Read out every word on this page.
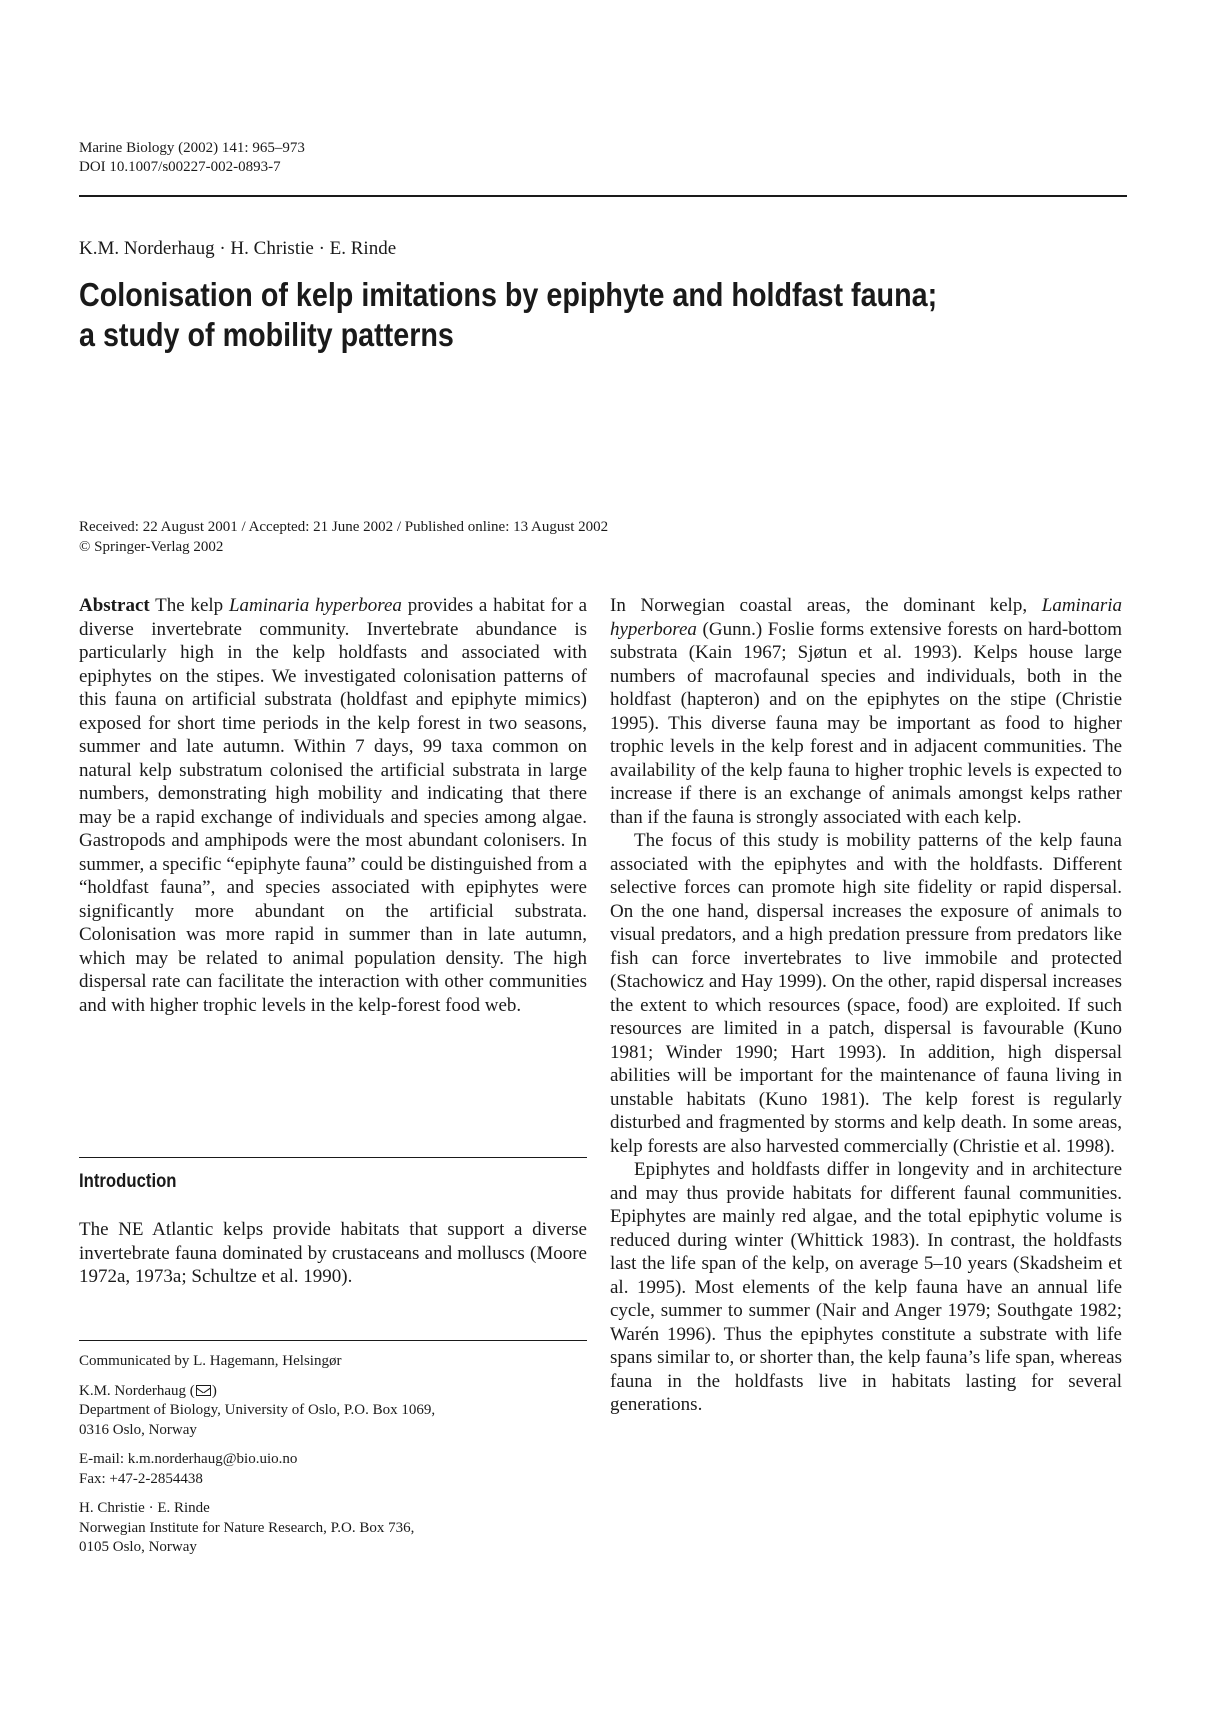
Marine Biology (2002) 141: 965–973
DOI 10.1007/s00227-002-0893-7
K.M. Norderhaug · H. Christie · E. Rinde
Colonisation of kelp imitations by epiphyte and holdfast fauna;
a study of mobility patterns
Received: 22 August 2001 / Accepted: 21 June 2002 / Published online: 13 August 2002
© Springer-Verlag 2002

Abstract The kelp Laminaria hyperborea provides a habitat for a diverse invertebrate community. Invertebrate abundance is particularly high in the kelp holdfasts and associated with epiphytes on the stipes. We investigated colonisation patterns of this fauna on artificial substrata (holdfast and epiphyte mimics) exposed for short time periods in the kelp forest in two seasons, summer and late autumn. Within 7 days, 99 taxa common on natural kelp substratum colonised the artificial substrata in large numbers, demonstrating high mobility and indicating that there may be a rapid exchange of individuals and species among algae. Gastropods and amphipods were the most abundant colonisers. In summer, a specific “epiphyte fauna” could be distinguished from a “holdfast fauna”, and species associated with epiphytes were significantly more abundant on the artificial substrata. Colonisation was more rapid in summer than in late autumn, which may be related to animal population density. The high dispersal rate can facilitate the interaction with other communities and with higher trophic levels in the kelp-forest food web.

Introduction
The NE Atlantic kelps provide habitats that support a diverse invertebrate fauna dominated by crustaceans and molluscs (Moore 1972a, 1973a; Schultze et al. 1990).
Communicated by L. Hagemann, Helsingør
K.M. Norderhaug ( )
Department of Biology, University of Oslo, P.O. Box 1069,
0316 Oslo, Norway
E-mail: k.m.norderhaug@bio.uio.no
Fax: +47-2-2854438
H. Christie · E. Rinde
Norwegian Institute for Nature Research, P.O. Box 736,
0105 Oslo, Norway

In Norwegian coastal areas, the dominant kelp, Laminaria hyperborea (Gunn.) Foslie forms extensive forests on hard-bottom substrata (Kain 1967; Sjøtun et al. 1993). Kelps house large numbers of macrofaunal species and individuals, both in the holdfast (hapteron) and on the epiphytes on the stipe (Christie 1995). This diverse fauna may be important as food to higher trophic levels in the kelp forest and in adjacent communities. The availability of the kelp fauna to higher trophic levels is expected to increase if there is an exchange of animals amongst kelps rather than if the fauna is strongly associated with each kelp.

The focus of this study is mobility patterns of the kelp fauna associated with the epiphytes and with the holdfasts. Different selective forces can promote high site fidelity or rapid dispersal. On the one hand, dispersal increases the exposure of animals to visual predators, and a high predation pressure from predators like fish can force invertebrates to live immobile and protected (Stachowicz and Hay 1999). On the other, rapid dispersal increases the extent to which resources (space, food) are exploited. If such resources are limited in a patch, dispersal is favourable (Kuno 1981; Winder 1990; Hart 1993). In addition, high dispersal abilities will be important for the maintenance of fauna living in unstable habitats (Kuno 1981). The kelp forest is regularly disturbed and fragmented by storms and kelp death. In some areas, kelp forests are also harvested commercially (Christie et al. 1998).

Epiphytes and holdfasts differ in longevity and in architecture and may thus provide habitats for different faunal communities. Epiphytes are mainly red algae, and the total epiphytic volume is reduced during winter (Whittick 1983). In contrast, the holdfasts last the life span of the kelp, on average 5–10 years (Skadsheim et al. 1995). Most elements of the kelp fauna have an annual life cycle, summer to summer (Nair and Anger 1979; Southgate 1982; Warén 1996). Thus the epiphytes constitute a substrate with life spans similar to, or shorter than, the kelp fauna’s life span, whereas fauna in the holdfasts live in habitats lasting for several generations.
